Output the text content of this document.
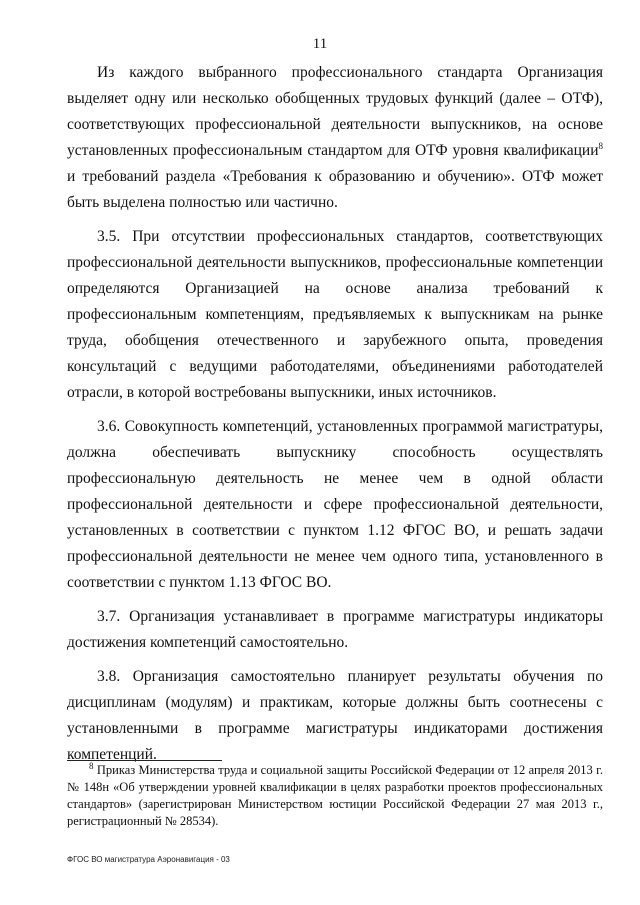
11

Из каждого выбранного профессионального стандарта Организация выделяет одну или несколько обобщенных трудовых функций (далее – ОТФ), соответствующих профессиональной деятельности выпускников, на основе установленных профессиональным стандартом для ОТФ уровня квалификации$^8$ и требований раздела «Требования к образованию и обучению». ОТФ может быть выделена полностью или частично.

3.5. При отсутствии профессиональных стандартов, соответствующих профессиональной деятельности выпускников, профессиональные компетенции определяются Организацией на основе анализа требований к профессиональным компетенциям, предъявляемых к выпускникам на рынке труда, обобщения отечественного и зарубежного опыта, проведения консультаций с ведущими работодателями, объединениями работодателей отрасли, в которой востребованы выпускники, иных источников.

3.6. Совокупность компетенций, установленных программой магистратуры, должна обеспечивать выпускнику способность осуществлять профессиональную деятельность не менее чем в одной области профессиональной деятельности и сфере профессиональной деятельности, установленных в соответствии с пунктом 1.12 ФГОС ВО, и решать задачи профессиональной деятельности не менее чем одного типа, установленного в соответствии с пунктом 1.13 ФГОС ВО.

3.7. Организация устанавливает в программе магистратуры индикаторы достижения компетенций самостоятельно.

3.8. Организация самостоятельно планирует результаты обучения по дисциплинам (модулям) и практикам, которые должны быть соотнесены с установленными в программе магистратуры индикаторами достижения компетенций.

$^8$ Приказ Министерства труда и социальной защиты Российской Федерации от 12 апреля 2013 г. № 148н «Об утверждении уровней квалификации в целях разработки проектов профессиональных стандартов» (зарегистрирован Министерством юстиции Российской Федерации 27 мая 2013 г., регистрационный № 28534).

ФГОС ВО магистратура Аэронавигация - 03
